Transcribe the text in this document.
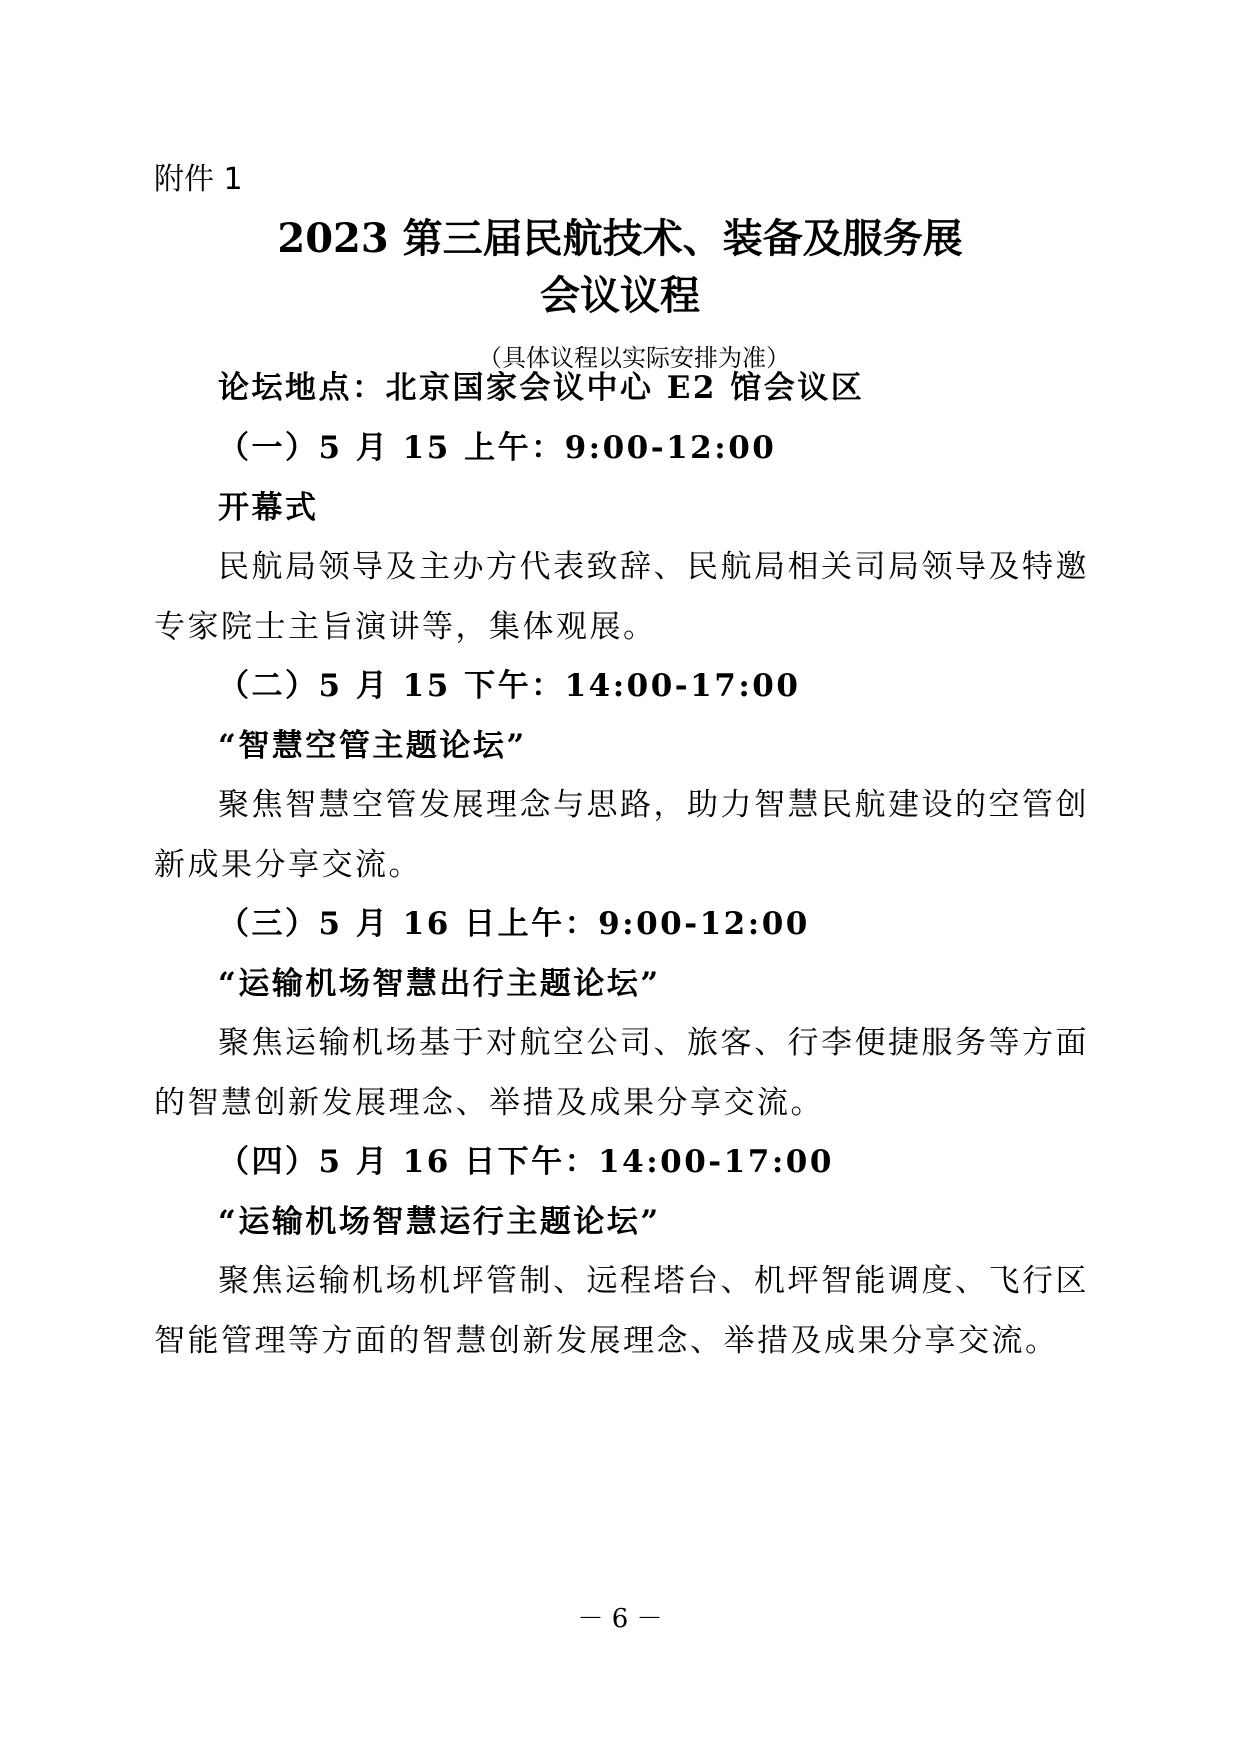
附件 1
2023 第三届民航技术、装备及服务展
会议议程
（具体议程以实际安排为准）
论坛地点：北京国家会议中心 E2 馆会议区
（一）5 月 15 上午：9:00-12:00
开幕式
民航局领导及主办方代表致辞、民航局相关司局领导及特邀
专家院士主旨演讲等，集体观展。
（二）5 月 15 下午：14:00-17:00
“智慧空管主题论坛”
聚焦智慧空管发展理念与思路，助力智慧民航建设的空管创
新成果分享交流。
（三）5 月 16 日上午：9:00-12:00
“运输机场智慧出行主题论坛”
聚焦运输机场基于对航空公司、旅客、行李便捷服务等方面
的智慧创新发展理念、举措及成果分享交流。
（四）5 月 16 日下午：14:00-17:00
“运输机场智慧运行主题论坛”
聚焦运输机场机坪管制、远程塔台、机坪智能调度、飞行区
智能管理等方面的智慧创新发展理念、举措及成果分享交流。
－ 6 －
